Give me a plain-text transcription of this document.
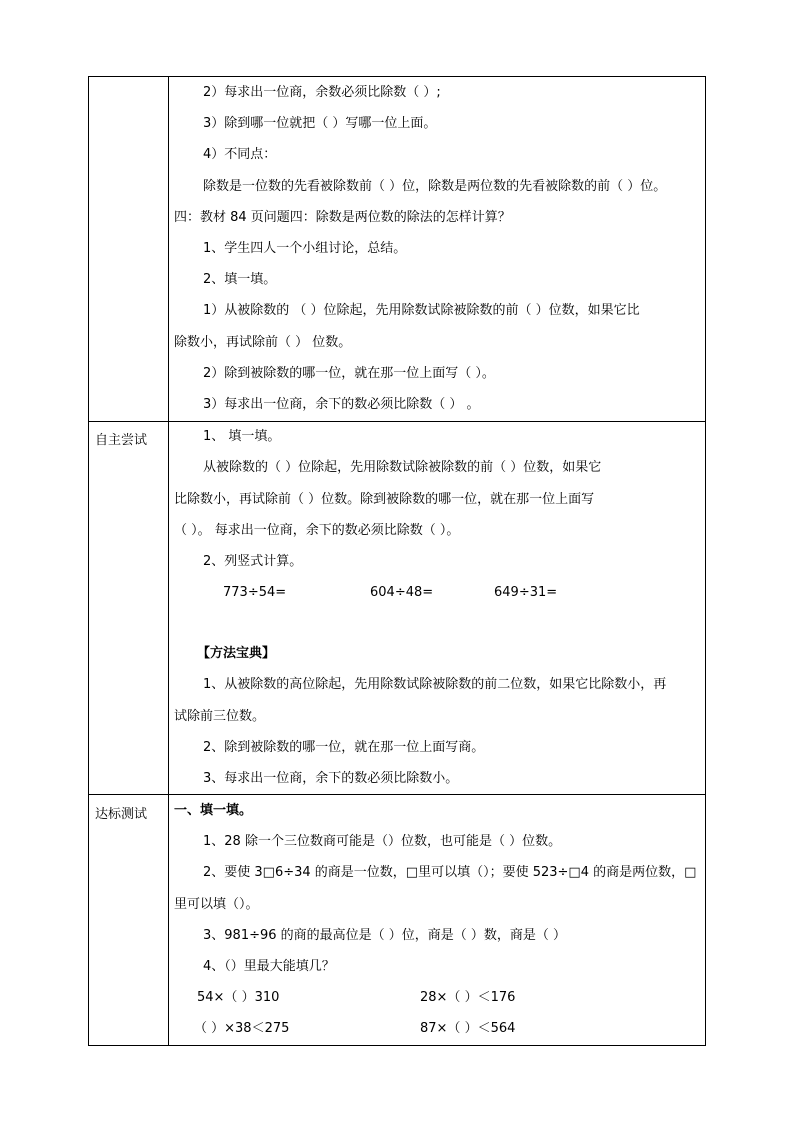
2）每求出一位商，余数必须比除数（ ）;
3）除到哪一位就把（ ）写哪一位上面。
4）不同点：
除数是一位数的先看被除数前（ ）位，除数是两位数的先看被除数的前（ ）位。
四：教材 84 页问题四：除数是两位数的除法的怎样计算？
1、学生四人一个小组讨论，总结。
2、填一填。
1）从被除数的 （ ）位除起，先用除数试除被除数的前（ ）位数，如果它比
除数小，再试除前（ ） 位数。
2）除到被除数的哪一位，就在那一位上面写（ ）。
3）每求出一位商，余下的数必须比除数（ ） 。
自主尝试	1、 填一填。
从被除数的（ ）位除起，先用除数试除被除数的前（ ）位数，如果它
比除数小，再试除前（ ）位数。除到被除数的哪一位，就在那一位上面写
（ ）。 每求出一位商，余下的数必须比除数（ ）。
2、列竖式计算。
773÷54=	604÷48=	649÷31=
【方法宝典】
1、从被除数的高位除起，先用除数试除被除数的前二位数，如果它比除数小，再
试除前三位数。
2、除到被除数的哪一位，就在那一位上面写商。
3、每求出一位商，余下的数必须比除数小。
达标测试 一、填一填。
1、28 除一个三位数商可能是（）位数，也可能是（ ）位数。
2、要使 3□6÷34 的商是一位数，□里可以填（）；要使 523÷□4 的商是两位数，□
里可以填（）。
3、981÷96 的商的最高位是（ ）位，商是（ ）数，商是（ ）
4、（）里最大能填几？
54×（ ）310	28×（ ）＜176
（ ）×38＜275	87×（ ）＜564
